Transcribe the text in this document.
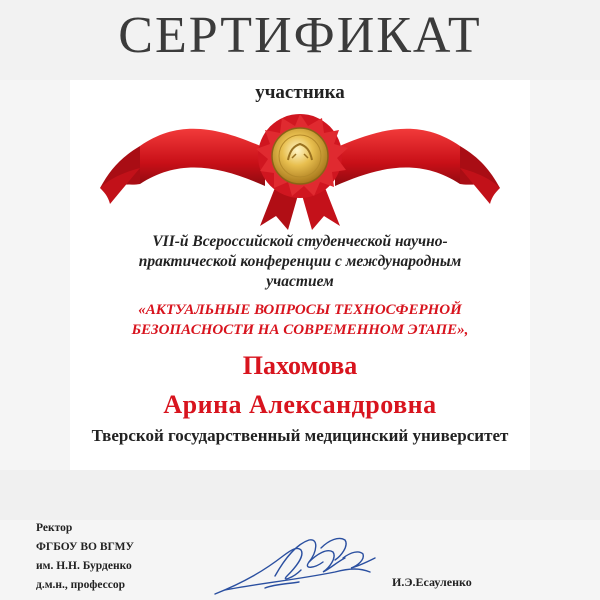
СЕРТИФИКАТ
участника
VII-й Всероссийской студенческой научно-
практической конференции с международным
участием
«АКТУАЛЬНЫЕ ВОПРОСЫ ТЕХНОСФЕРНОЙ
БЕЗОПАСНОСТИ НА СОВРЕМЕННОМ ЭТАПЕ»,
Пахомова
Арина Александровна
Тверской государственный медицинский университет
Ректор
ФГБОУ ВО ВГМУ
им. Н.Н. Бурденко
д.м.н., профессор	И.Э.Есауленко
